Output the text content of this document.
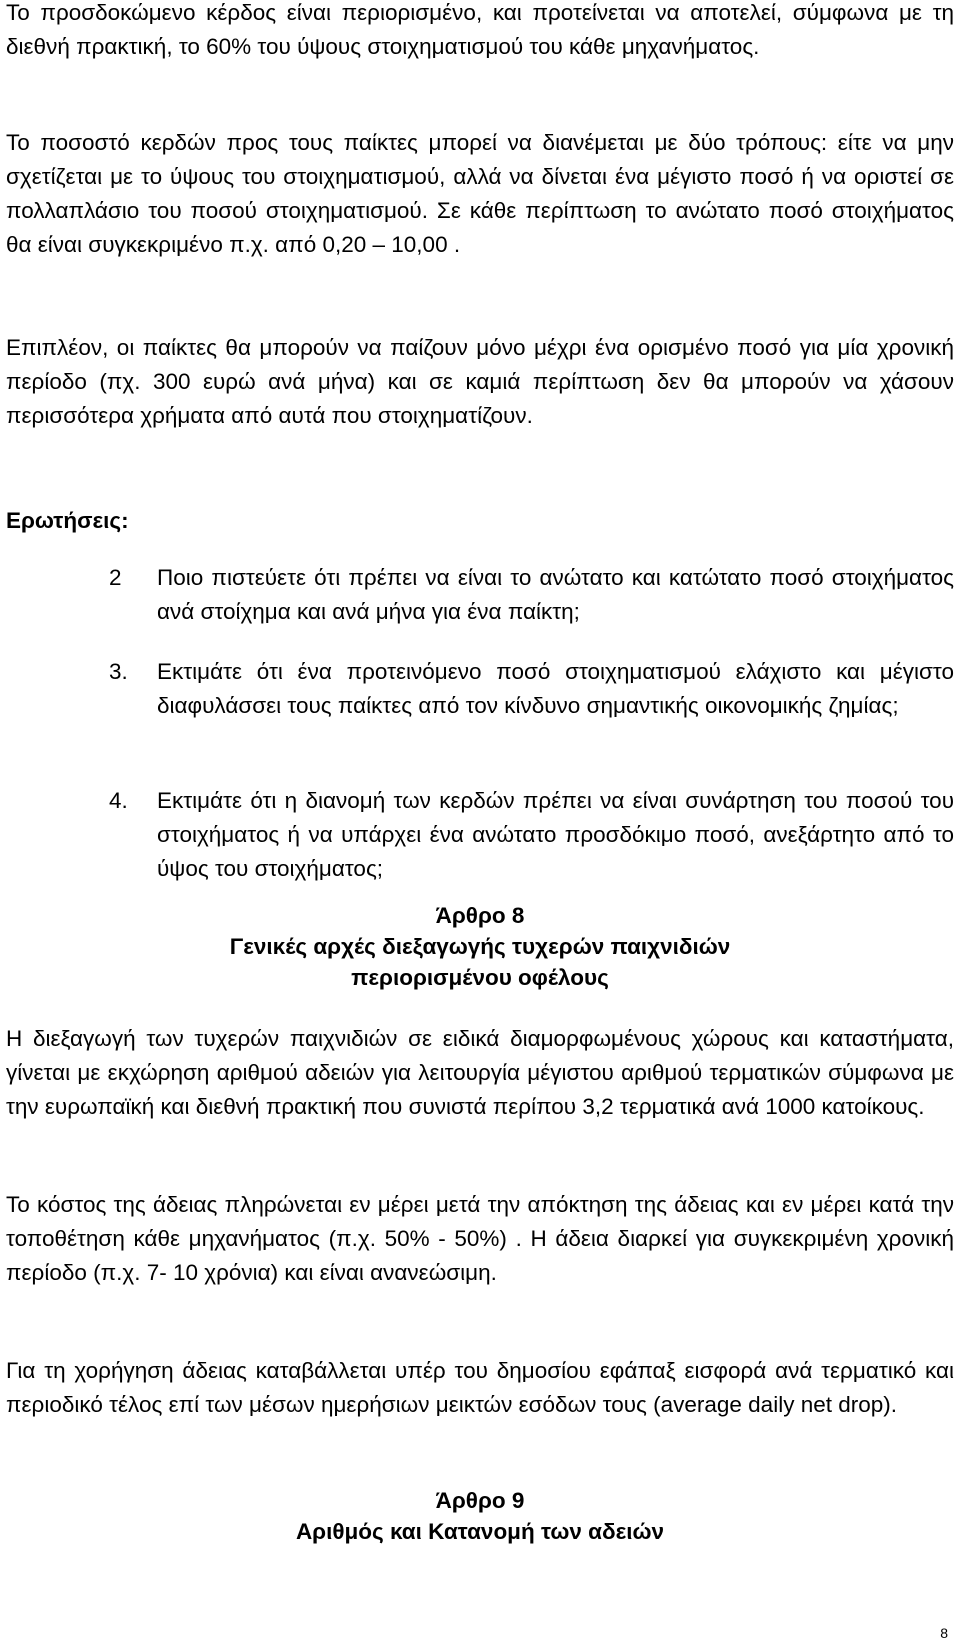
Το προσδοκώμενο κέρδος είναι περιορισμένο, και προτείνεται να αποτελεί, σύμφωνα με τη διεθνή πρακτική, το 60% του ύψους στοιχηματισμού του κάθε μηχανήματος.

Το ποσοστό κερδών προς τους παίκτες μπορεί να διανέμεται με δύο τρόπους: είτε να μην σχετίζεται με το ύψους του στοιχηματισμού, αλλά να δίνεται ένα μέγιστο ποσό ή να οριστεί σε πολλαπλάσιο του ποσού στοιχηματισμού. Σε κάθε περίπτωση το ανώτατο ποσό στοιχήματος θα είναι συγκεκριμένο π.χ. από 0,20 – 10,00 .

Επιπλέον, οι παίκτες θα μπορούν να παίζουν μόνο μέχρι ένα ορισμένο ποσό για μία χρονική περίοδο (πχ. 300 ευρώ ανά μήνα) και σε καμιά περίπτωση δεν θα μπορούν να χάσουν περισσότερα χρήματα από αυτά που στοιχηματίζουν.

Ερωτήσεις:

2 Ποιο πιστεύετε ότι πρέπει να είναι το ανώτατο και κατώτατο ποσό στοιχήματος ανά στοίχημα και ανά μήνα για ένα παίκτη;
3. Εκτιμάτε ότι ένα προτεινόμενο ποσό στοιχηματισμού ελάχιστο και μέγιστο διαφυλάσσει τους παίκτες από τον κίνδυνο σημαντικής οικονομικής ζημίας;
4. Εκτιμάτε ότι η διανομή των κερδών πρέπει να είναι συνάρτηση του ποσού του στοιχήματος ή να υπάρχει ένα ανώτατο προσδόκιμο ποσό, ανεξάρτητο από το ύψος του στοιχήματος;
Άρθρο 8
Γενικές αρχές διεξαγωγής τυχερών παιχνιδιών
περιορισμένου οφέλους

Η διεξαγωγή των τυχερών παιχνιδιών σε ειδικά διαμορφωμένους χώρους και καταστήματα, γίνεται με εκχώρηση αριθμού αδειών για λειτουργία μέγιστου αριθμού τερματικών σύμφωνα με την ευρωπαϊκή και διεθνή πρακτική που συνιστά περίπου 3,2 τερματικά ανά 1000 κατοίκους.

Το κόστος της άδειας πληρώνεται εν μέρει μετά την απόκτηση της άδειας και εν μέρει κατά την τοποθέτηση κάθε μηχανήματος (π.χ. 50% - 50%) . Η άδεια διαρκεί για συγκεκριμένη χρονική περίοδο (π.χ. 7- 10 χρόνια) και είναι ανανεώσιμη.

Για τη χορήγηση άδειας καταβάλλεται υπέρ του δημοσίου εφάπαξ εισφορά ανά τερματικό και περιοδικό τέλος επί των μέσων ημερήσιων μεικτών εσόδων τους (average daily net drop).

Άρθρο 9
Αριθμός και Κατανομή των αδειών
8
